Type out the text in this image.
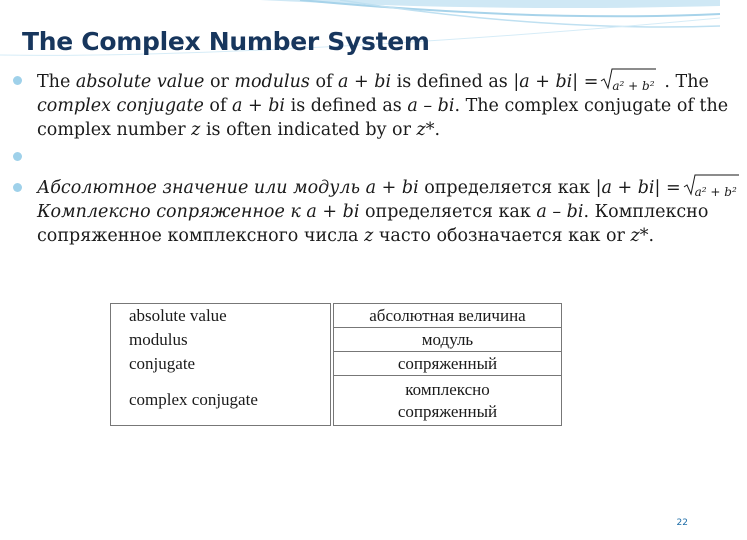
The Complex Number System
The absolute value or modulus of a + bi is defined as |a + bi| = a² + b² . The
complex conjugate of a + bi is defined as a – bi. The complex conjugate of the
complex number z is often indicated by or z*.
Абсолютное значение или модуль a + bi определяется как |a + bi| = a² + b²
Комплексно сопряженное к a + bi определяется как a – bi. Комплексно
сопряженное комплексного числа z часто обозначается как or z*.
absolute value		абсолютная величина
modulus		модуль
conjugate		сопряженный
complex conjugate		комплексно
сопряженный
22
